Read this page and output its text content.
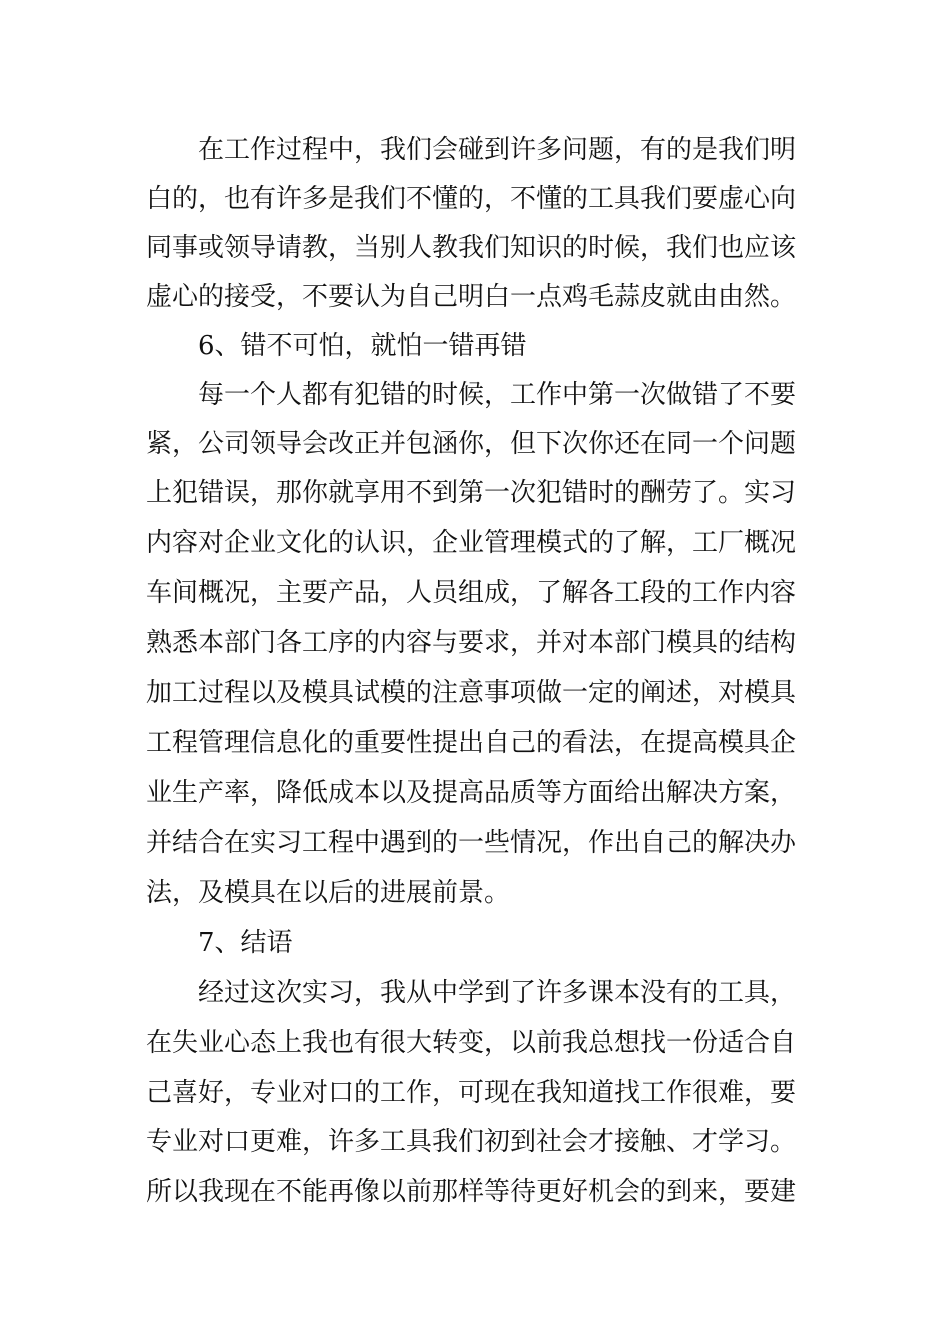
在工作过程中，我们会碰到许多问题，有的是我们明
白的，也有许多是我们不懂的，不懂的工具我们要虚心向
同事或领导请教，当别人教我们知识的时候，我们也应该
虚心的接受，不要认为自己明白一点鸡毛蒜皮就由由然。
6、错不可怕，就怕一错再错
每一个人都有犯错的时候，工作中第一次做错了不要
紧，公司领导会改正并包涵你，但下次你还在同一个问题
上犯错误，那你就享用不到第一次犯错时的酬劳了。实习
内容对企业文化的认识，企业管理模式的了解，工厂概况
车间概况，主要产品，人员组成，了解各工段的工作内容
熟悉本部门各工序的内容与要求，并对本部门模具的结构
加工过程以及模具试模的注意事项做一定的阐述，对模具
工程管理信息化的重要性提出自己的看法，在提高模具企
业生产率，降低成本以及提高品质等方面给出解决方案，
并结合在实习工程中遇到的一些情况，作出自己的解决办
法，及模具在以后的进展前景。
7、结语
经过这次实习，我从中学到了许多课本没有的工具，
在失业心态上我也有很大转变，以前我总想找一份适合自
己喜好，专业对口的工作，可现在我知道找工作很难，要
专业对口更难，许多工具我们初到社会才接触、才学习。
所以我现在不能再像以前那样等待更好机会的到来，要建
